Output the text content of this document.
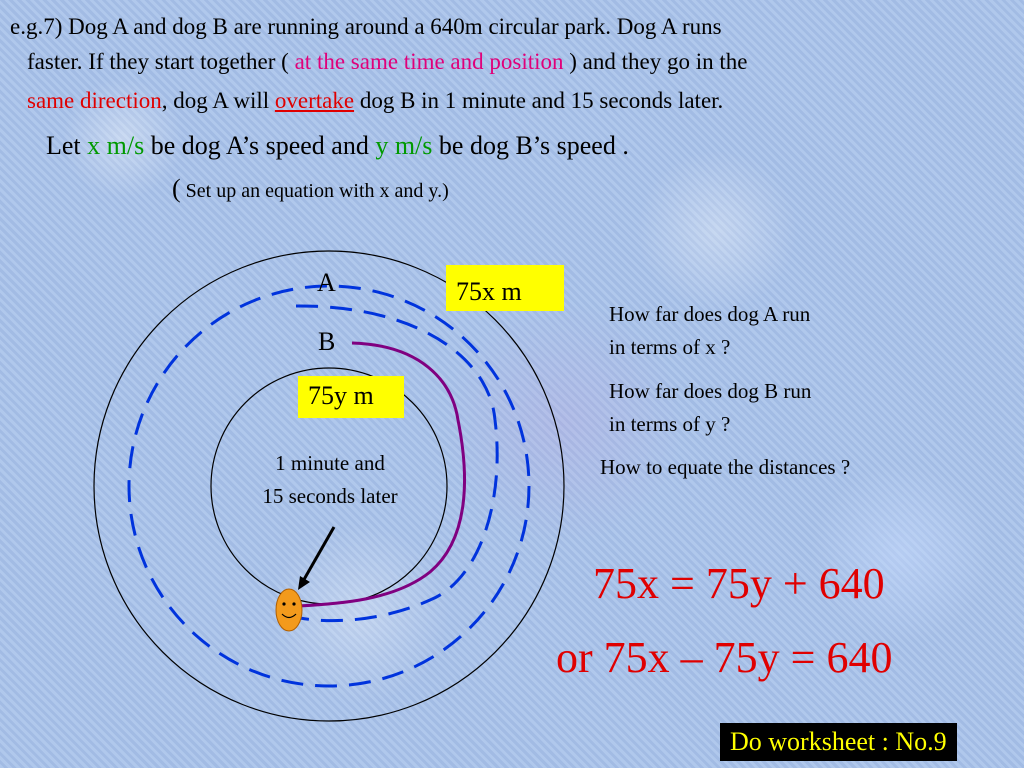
e.g.7) Dog A and dog B are running around a 640m circular park. Dog A runs
faster. If they start together ( at the same time and position ) and they go in the
same direction, dog A will overtake dog B in 1 minute and 15 seconds later.
Let x m/s be dog A’s speed and y m/s be dog B’s speed .
( Set up an equation with x and y.)
A
B
75x m
75y m
1 minute and
15 seconds later
How far does dog A run
in terms of x ?
How far does dog B run
in terms of y ?
How to equate the distances ?
75x = 75y + 640
or 75x – 75y = 640
Do worksheet : No.9
